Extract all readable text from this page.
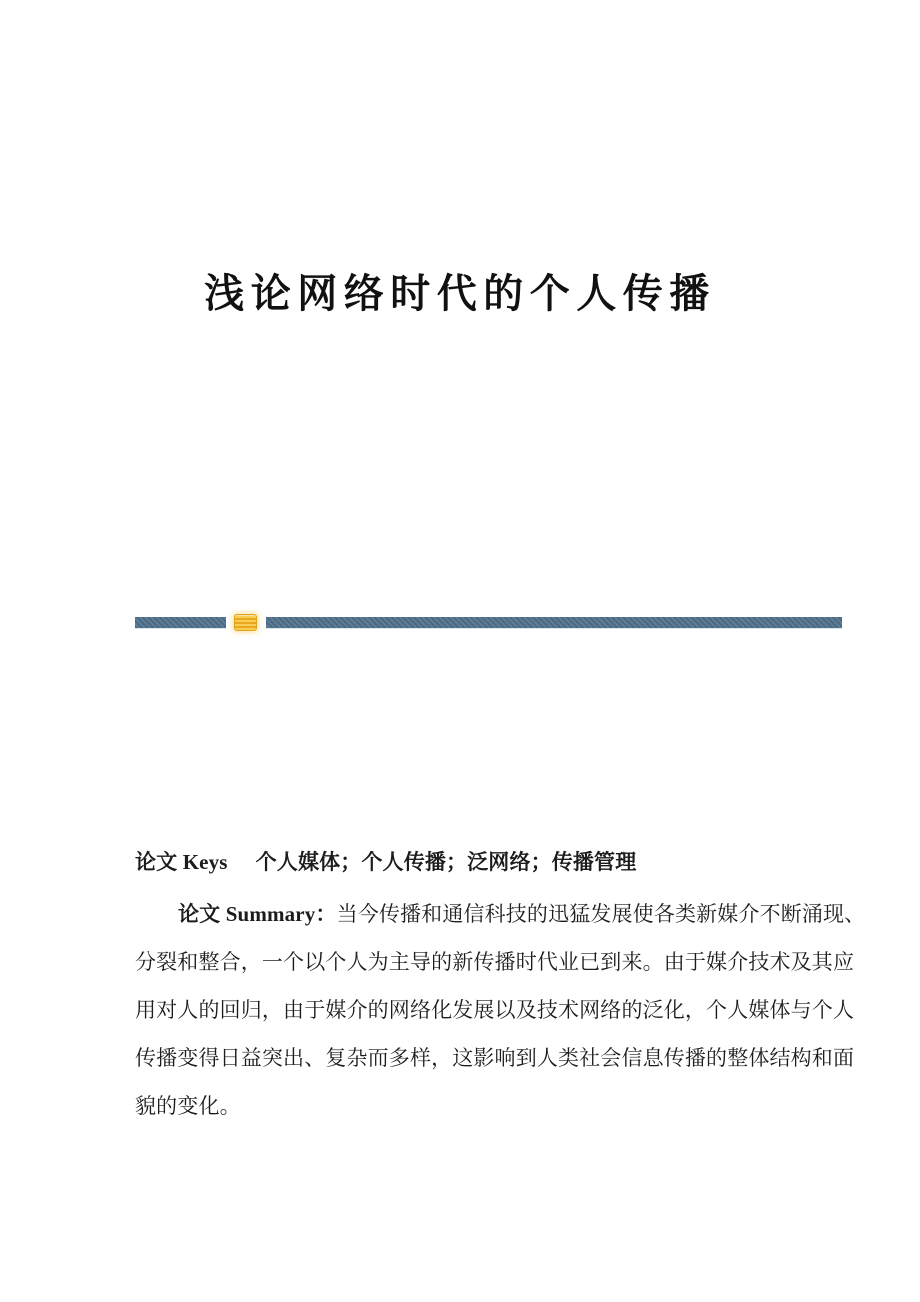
浅论网络时代的个人传播
论文 Keys 个人媒体；个人传播；泛网络；传播管理
论文 Summary：当今传播和通信科技的迅猛发展使各类新媒介不断涌现、
分裂和整合，一个以个人为主导的新传播时代业已到来。由于媒介技术及其应
用对人的回归，由于媒介的网络化发展以及技术网络的泛化，个人媒体与个人
传播变得日益突出、复杂而多样，这影响到人类社会信息传播的整体结构和面
貌的变化。
